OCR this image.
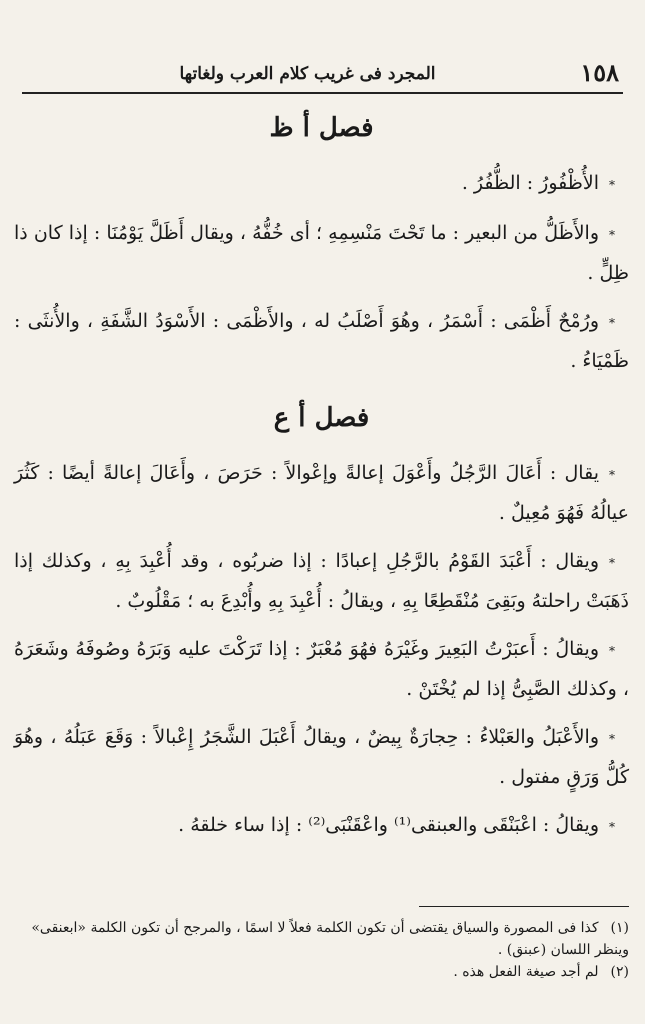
١٥٨
المجرد فى غريب كلام العرب ولغاتها
فصل أ ظ

*الأُظْفُورُ : الظُّفُرُ .

*والأَظَلُّ من البعير : ما تَحْتَ مَنْسِمِهِ ؛ أى خُفُّهُ ، ويقال أَظَلَّ يَوْمُنَا : إذا كان ذا ظِلٍّ .

*ورُمْحٌ أَظْمَى : أَسْمَرُ ، وهُوَ أَصْلَبُ له ، والأَظْمَى : الأَسْوَدُ الشَّفَةِ ، والأُنثَى : ظَمْيَاءُ .

فصل أ ع

*يقال : أَعَالَ الرَّجُلُ وأَعْوَلَ إعالةً وإعْوالاً : حَرَصَ ، وأَعَالَ إعالةً أيضًا : كَثُرَ عيالُهُ فَهُوَ مُعِيلٌ .

*ويقال : أَعْبَدَ القَوْمُ بالرَّجُلِ إعبادًا : إذا ضربُوه ، وقد أُعْبِدَ بِهِ ، وكذلك إذا ذَهَبَتْ راحلتهُ وبَقِىَ مُنْقَطِعًا بِهِ ، ويقالُ : أُعْبِدَ بِهِ وأُبْدِعَ به ؛ مَقْلُوبٌ .

*ويقالُ : أَعبَرْتُ البَعِيرَ وغَيْرَهُ فهُوَ مُعْبَرٌ : إذا تَرَكْتَ عليه وَبَرَهُ وصُوفَهُ وشَعَرَهُ ، وكذلك الصَّبِىُّ إذا لم يُخْتَنْ .

*والأَعْبَلُ والعَبْلاءُ : حِجارَةٌ بِيضٌ ، ويقالُ أَعْبَلَ الشَّجَرُ إِعْبالاً : وَقَعَ عَبَلُهُ ، وهُوَ كُلُّ وَرَقٍ مفتول .

*ويقالُ : اعْبَنْقَى والعبنقى⁽¹⁾ واعْقَنْبَى⁽²⁾ : إذا ساء خلقهُ .

(١)كذا فى المصورة والسياق يقتضى أن تكون الكلمة فعلاً لا اسمًا ، والمرجح أن تكون الكلمة «ابعنقى» وينظر اللسان (عبنق) .

(٢)لم أجد صيغة الفعل هذه .
